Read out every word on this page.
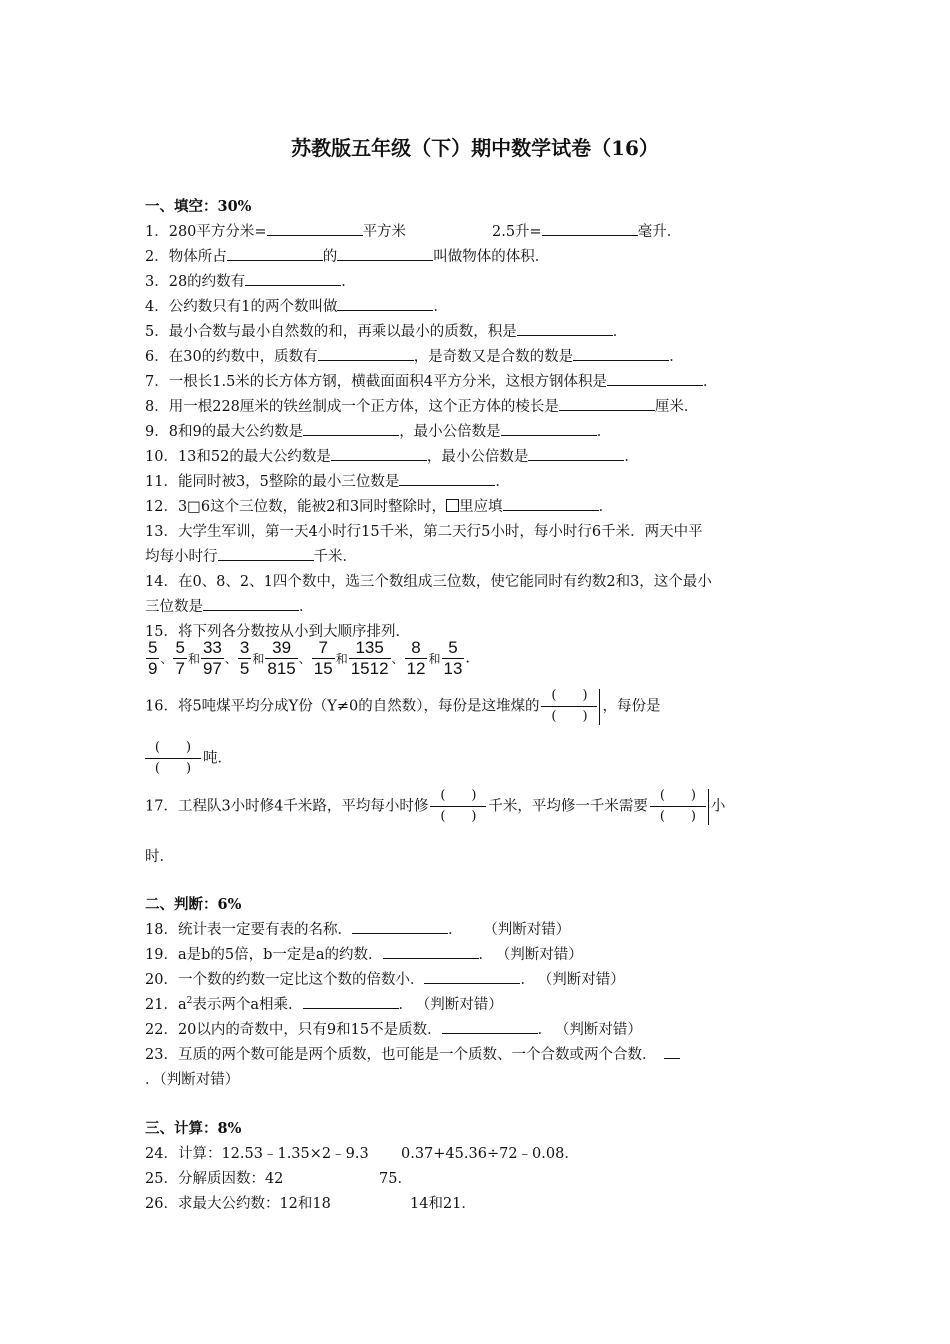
苏教版五年级（下）期中数学试卷（16）
一、填空：30%
1．280平方分米=	平方米	2.5升=	毫升．
2．物体所占	的	叫做物体的体积．
3．28的约数有	．
4．公约数只有1的两个数叫做	．
5．最小合数与最小自然数的和，再乘以最小的质数，积是	．
6．在30的约数中，质数有	，是奇数又是合数的数是	．
7．一根长1.5米的长方体方钢，横截面面积4平方分米，这根方钢体积是	．
8．用一根228厘米的铁丝制成一个正方体，这个正方体的棱长是	厘米．
9．8和9的最大公约数是	，最小公倍数是	．
10．13和52的最大公约数是	，最小公倍数是	．
11．能同时被3，5整除的最小三位数是	．
12．3□6这个三位数，能被2和3同时整除时， 里应填	．
13．大学生军训，第一天4小时行15千米，第二天行5小时，每小时行6千米．两天中平
均每小时行	千米．
14．在0、8、2、1四个数中，选三个数组成三位数，使它能同时有约数2和3，这个最小
三位数是	．
15．将下列各分数按从小到大顺序排列．
$\frac{5}{9}$ 、 $\frac{5}{7}$ 和 $\frac{33}{97}$ 、 $\frac{3}{5}$ 和 $\frac{39}{815}$ 、 $\frac{7}{15}$ 和 $\frac{135}{1512}$ 、 $\frac{8}{12}$ 和 $\frac{5}{13}$ .
16．将5吨煤平均分成Y份（Y≠0的自然数），每份是这堆煤的
(　　)
(　　)
，每份是
(　　)
(　　)
吨．
17．工程队3小时修4千米路，平均每小时修
(　　)
(　　)
千米，平均修一千米需要
(　　)
(　　)
小
时．
二、判断：6%
18．统计表一定要有表的名称．	． （判断对错）
19．a是b的5倍，b一定是a的约数．	． （判断对错）
20．一个数的约数一定比这个数的倍数小．	． （判断对错）
21．$a^2$表示两个a相乘．	． （判断对错）
22．20以内的奇数中，只有9和15不是质数．	． （判断对错）
23．互质的两个数可能是两个质数，也可能是一个质数、一个合数或两个合数．
．（判断对错）
三、计算：8%
24．计算：12.53﹣1.35×2﹣9.3 0.37+45.36÷72﹣0.08．
25．分解质因数：42	75．
26．求最大公约数：12和18	14和21．
